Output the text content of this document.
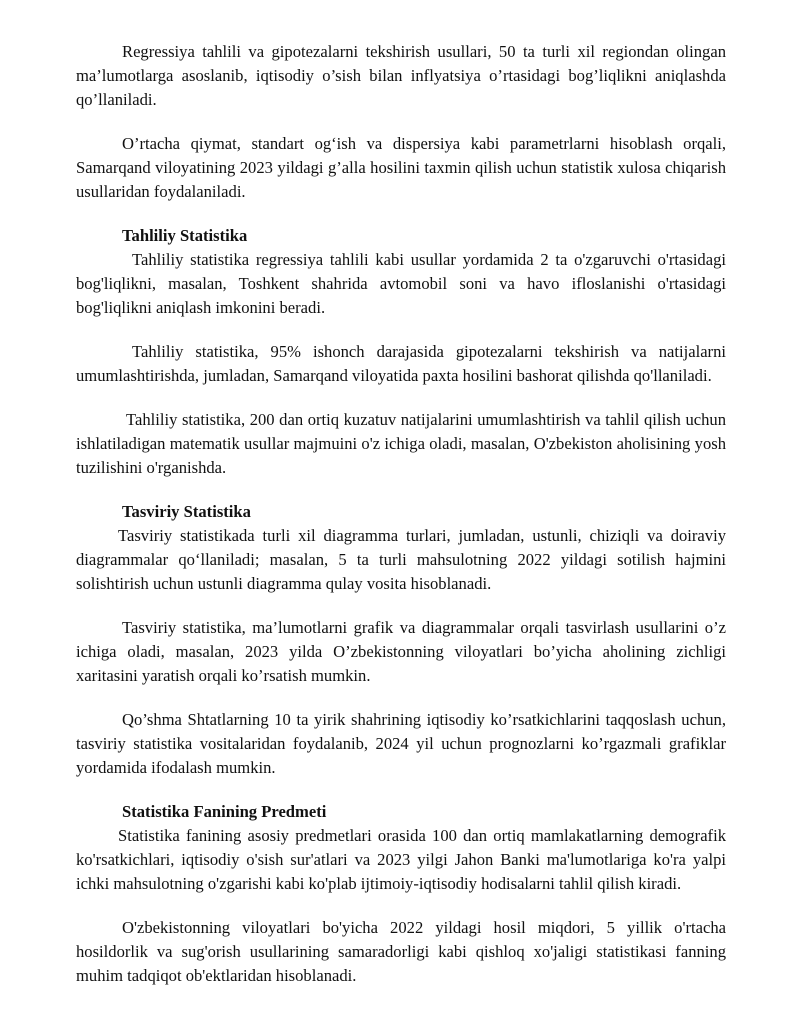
Regressiya tahlili va gipotezalarni tekshirish usullari, 50 ta turli xil regiondan olingan ma’lumotlarga asoslanib, iqtisodiy o’sish bilan inflyatsiya o’rtasidagi bog’liqlikni aniqlashda qo’llaniladi.

O’rtacha qiymat, standart og‘ish va dispersiya kabi parametrlarni hisoblash orqali, Samarqand viloyatining 2023 yildagi g’alla hosilini taxmin qilish uchun statistik xulosa chiqarish usullaridan foydalaniladi.

Tahliliy Statistika

Tahliliy statistika regressiya tahlili kabi usullar yordamida 2 ta o'zgaruvchi o'rtasidagi bog'liqlikni, masalan, Toshkent shahrida avtomobil soni va havo ifloslanishi o'rtasidagi bog'liqlikni aniqlash imkonini beradi.

Tahliliy statistika, 95% ishonch darajasida gipotezalarni tekshirish va natijalarni umumlashtirishda, jumladan, Samarqand viloyatida paxta hosilini bashorat qilishda qo'llaniladi.

Tahliliy statistika, 200 dan ortiq kuzatuv natijalarini umumlashtirish va tahlil qilish uchun ishlatiladigan matematik usullar majmuini o'z ichiga oladi, masalan, O'zbekiston aholisining yosh tuzilishini o'rganishda.

Tasviriy Statistika

Tasviriy statistikada turli xil diagramma turlari, jumladan, ustunli, chiziqli va doiraviy diagrammalar qo‘llaniladi; masalan, 5 ta turli mahsulotning 2022 yildagi sotilish hajmini solishtirish uchun ustunli diagramma qulay vosita hisoblanadi.

Tasviriy statistika, ma’lumotlarni grafik va diagrammalar orqali tasvirlash usullarini o’z ichiga oladi, masalan, 2023 yilda O’zbekistonning viloyatlari bo’yicha aholining zichligi xaritasini yaratish orqali ko’rsatish mumkin.

Qo’shma Shtatlarning 10 ta yirik shahrining iqtisodiy ko’rsatkichlarini taqqoslash uchun, tasviriy statistika vositalaridan foydalanib, 2024 yil uchun prognozlarni ko’rgazmali grafiklar yordamida ifodalash mumkin.

Statistika Fanining Predmeti

Statistika fanining asosiy predmetlari orasida 100 dan ortiq mamlakatlarning demografik ko'rsatkichlari, iqtisodiy o'sish sur'atlari va 2023 yilgi Jahon Banki ma'lumotlariga ko'ra yalpi ichki mahsulotning o'zgarishi kabi ko'plab ijtimoiy-iqtisodiy hodisalarni tahlil qilish kiradi.

O'zbekistonning viloyatlari bo'yicha 2022 yildagi hosil miqdori, 5 yillik o'rtacha hosildorlik va sug'orish usullarining samaradorligi kabi qishloq xo'jaligi statistikasi fanning muhim tadqiqot ob'ektlaridan hisoblanadi.
